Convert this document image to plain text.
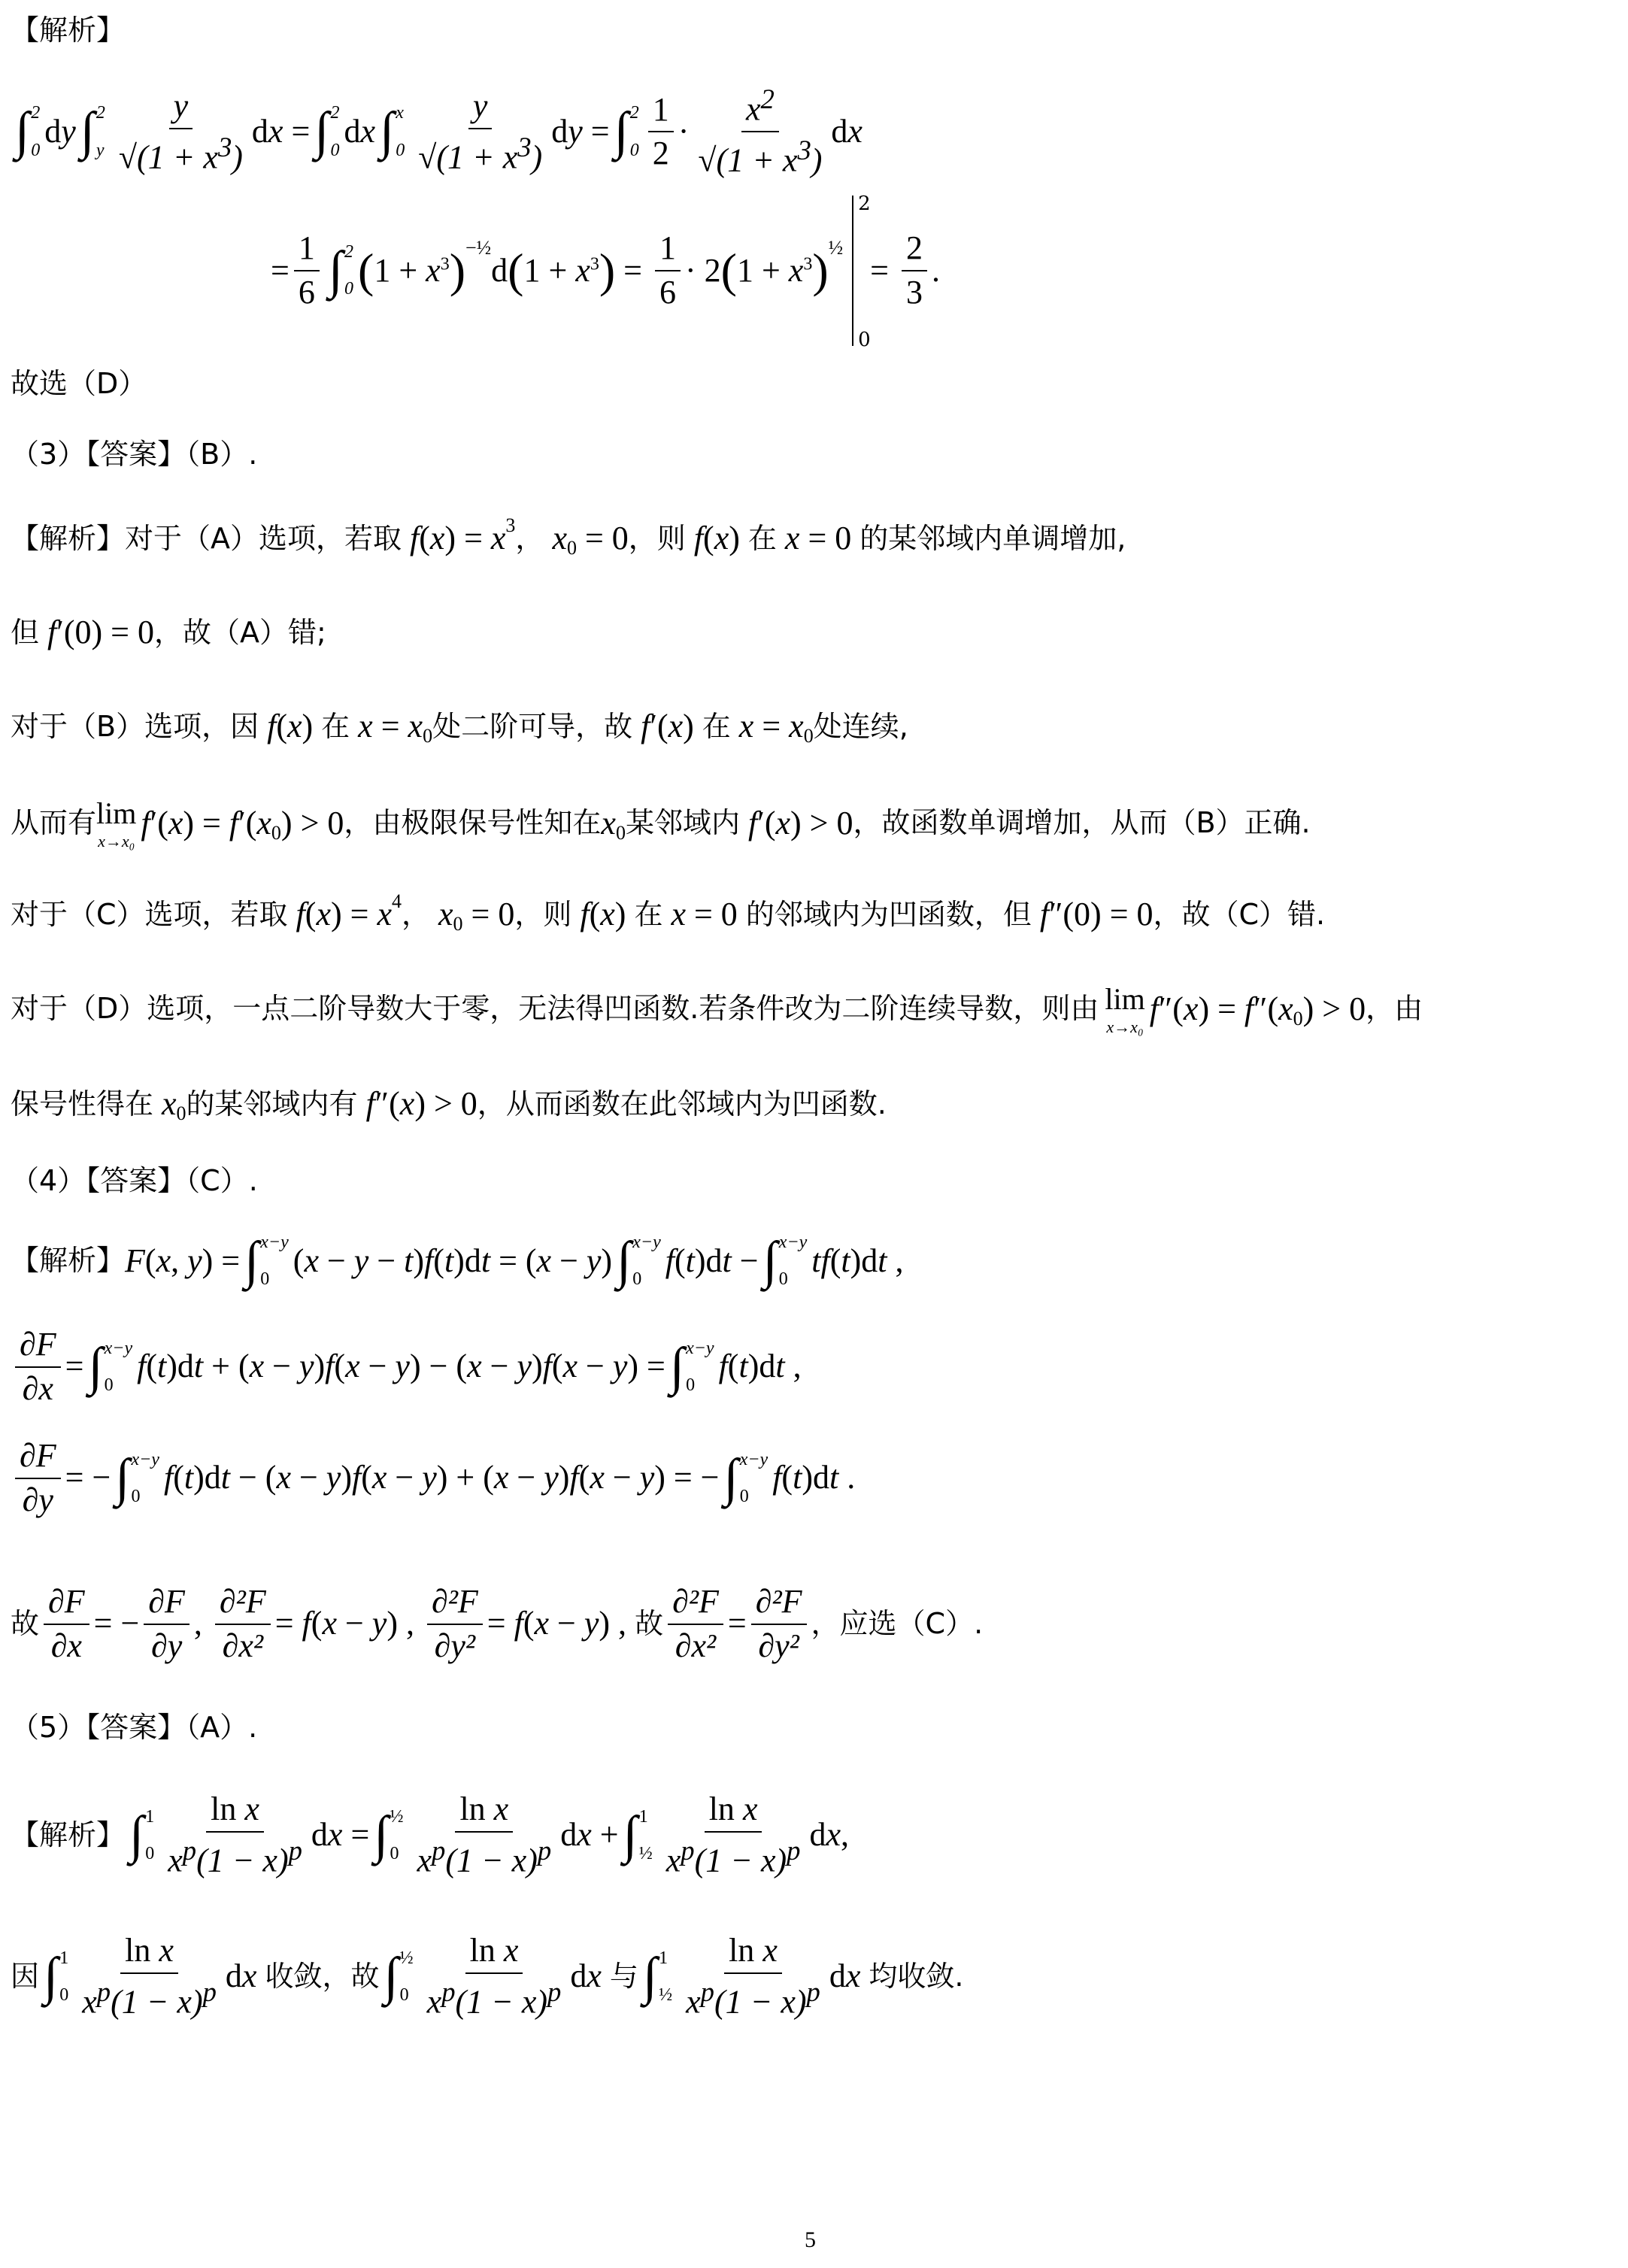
【解析】
∫ 2
0
dy ∫ 2
y $\frac{y}{√(1 + x^3)}$ dx = ∫ 2
0
dx ∫ x
$0 \frac{y}{√(1 + x^3)}$ dy = ∫ 2
$0 \frac{1}{2} \cdot \frac{x^2}{√(1 + x^3)}$ dx
= $\frac{1}{6}$ ∫ 2
0 ( $1 + x^3$ ) −½
d ( $1 + x^3$ ) = $\frac{1}{6} \cdot 2$ ( $1 + x^3$ ) ½
2
0
= $\frac{2}{3}$ .
故选（D）
（3）【答案】（B）.
【解析】对于（A）选项，若取 f (x) = x 3 ， x 0 = 0 ，则 f (x) 在 x = 0 的某邻域内单调增加,
但 f ′(0) = 0 ，故（A）错;
对于（B）选项，因 f (x) 在 x = x 0 处二阶可导，故 f ′(x) 在 x = x 0 处连续,
从而有 lim
x→x₀ f ′(x) = f′(x 0 ) > 0 ，由极限保号性知在 x 0 某邻域内 f ′(x) > 0 ，故函数单调增加，从而（B）正确.
对于（C）选项，若取 f (x) = x 4 ， x 0 = 0 ，则 f (x) 在 x = 0 的邻域内为凹函数，但 f ″(0) = 0 ，故（C）错.
对于（D）选项，一点二阶导数大于零，无法得凹函数.若条件改为二阶连续导数，则由 lim
x→x₀ f ″(x) = f″(x 0 ) > 0 ，由
保号性得在 x 0 的某邻域内有 f ″(x) > 0 ，从而函数在此邻域内为凹函数.
（4）【答案】（C）.
【解析】 F (x, y) = ∫ x−y
0
(x − y − t)f(t)dt = (x − y) ∫ x−y
0
f(t)dt − ∫ x−y
0
tf(t)dt ,
$\frac{\partial F}{\partial x}$ = ∫ x−y
0
f(t)dt + (x − y)f(x − y) − (x − y)f(x − y) = ∫ x−y
0
f(t)dt ,
$\frac{\partial F}{\partial y}$ = − ∫ x−y
0
f(t)dt − (x − y)f(x − y) + (x − y)f(x − y) = − ∫ x−y
0
f(t)dt .
故 $\frac{\partial F}{\partial x}$ = − $\frac{\partial F}{\partial y}$ , $\frac{\text{∂²F}}{\text{∂x²}} = f(x - y)$ , $\frac{\text{∂²F}}{\text{∂y²}} = f(x - y)$ , 故 $\frac{\text{∂²F}}{\text{∂x²}} = \frac{\text{∂²F}}{\text{∂y²}}$ ，应选（C）.
（5）【答案】（A）.
【解析】 ∫ 1
$0 \frac{\text{ln x}}{x^p(1 - x)^p}$ dx = ∫ ½
$0 \frac{\text{ln x}}{x^p(1 - x)^p}$ dx + ∫ 1
½ $\frac{\text{ln x}}{x^p(1 - x)^p}$ dx,
因 ∫ 1
$0 \frac{\text{ln x}}{x^p(1 - x)^p}$ dx 收敛，故 ∫ ½
$0 \frac{\text{ln x}}{x^p(1 - x)^p}$ dx 与 ∫ 1
½ $\frac{\text{ln x}}{x^p(1 - x)^p}$ dx 均收敛.
5
